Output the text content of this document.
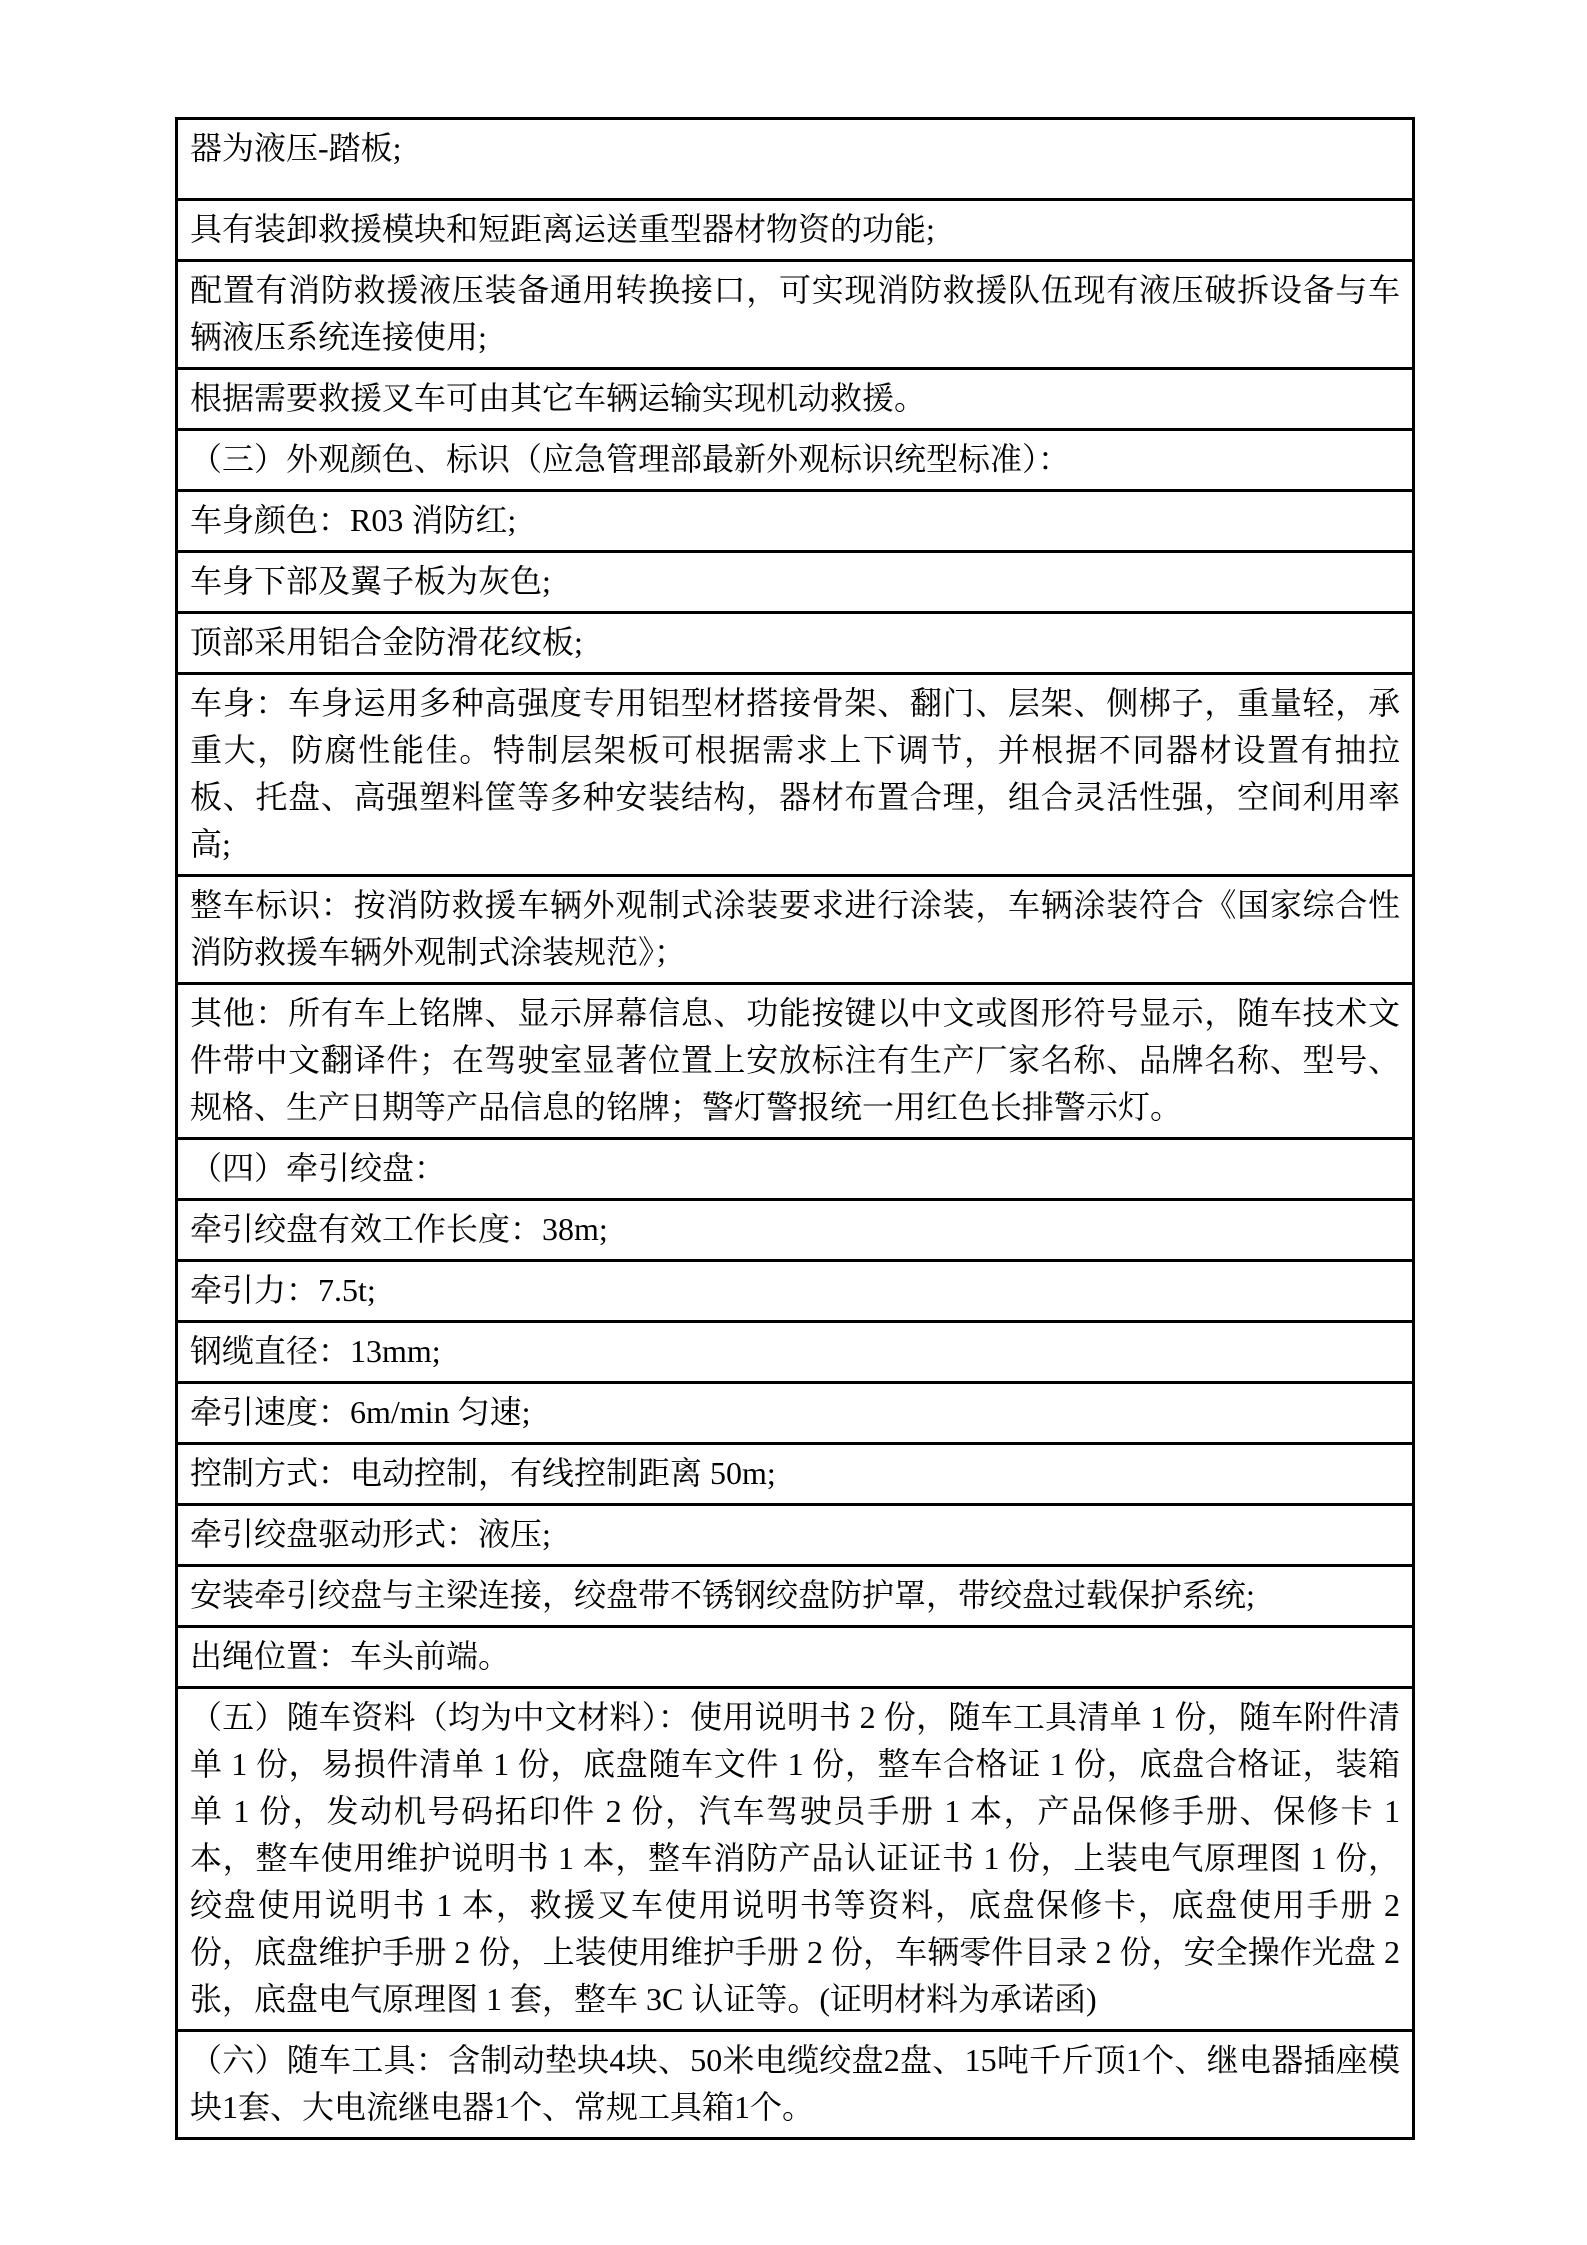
器为液压-踏板;
具有装卸救援模块和短距离运送重型器材物资的功能;
配置有消防救援液压装备通用转换接口，可实现消防救援队伍现有液压破拆设备与车辆液压系统连接使用;
根据需要救援叉车可由其它车辆运输实现机动救援。
（三）外观颜色、标识（应急管理部最新外观标识统型标准）：
车身颜色：R03 消防红;
车身下部及翼子板为灰色;
顶部采用铝合金防滑花纹板;
车身：车身运用多种高强度专用铝型材搭接骨架、翻门、层架、侧梆子，重量轻，承重大，防腐性能佳。特制层架板可根据需求上下调节，并根据不同器材设置有抽拉板、托盘、高强塑料筐等多种安装结构，器材布置合理，组合灵活性强，空间利用率高;
整车标识：按消防救援车辆外观制式涂装要求进行涂装，车辆涂装符合《国家综合性消防救援车辆外观制式涂装规范》；
其他：所有车上铭牌、显示屏幕信息、功能按键以中文或图形符号显示，随车技术文件带中文翻译件；在驾驶室显著位置上安放标注有生产厂家名称、品牌名称、型号、规格、生产日期等产品信息的铭牌；警灯警报统一用红色长排警示灯。
（四）牵引绞盘：
牵引绞盘有效工作长度：38m;
牵引力：7.5t;
钢缆直径：13mm;
牵引速度：6m/min 匀速;
控制方式：电动控制，有线控制距离 50m;
牵引绞盘驱动形式：液压;
安装牵引绞盘与主梁连接，绞盘带不锈钢绞盘防护罩，带绞盘过载保护系统;
出绳位置：车头前端。
（五）随车资料（均为中文材料）：使用说明书 2 份，随车工具清单 1 份，随车附件清单 1 份，易损件清单 1 份，底盘随车文件 1 份，整车合格证 1 份，底盘合格证，装箱单 1 份，发动机号码拓印件 2 份，汽车驾驶员手册 1 本，产品保修手册、保修卡 1 本，整车使用维护说明书 1 本，整车消防产品认证证书 1 份，上装电气原理图 1 份，绞盘使用说明书 1 本，救援叉车使用说明书等资料，底盘保修卡，底盘使用手册 2 份，底盘维护手册 2 份，上装使用维护手册 2 份，车辆零件目录 2 份，安全操作光盘 2 张，底盘电气原理图 1 套，整车 3C 认证等。(证明材料为承诺函)
（六）随车工具：含制动垫块4块、50米电缆绞盘2盘、15吨千斤顶1个、继电器插座模块1套、大电流继电器1个、常规工具箱1个。
